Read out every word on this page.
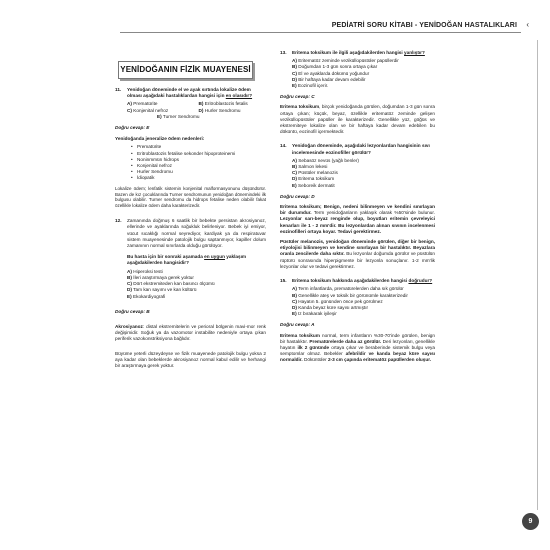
PEDİATRİ SORU KİTABI - YENİDOĞAN HASTALIKLARI ‹
YENİDOĞANIN FİZİK MUAYENESİ
11.	Yenidoğan döneminde el ve ayak sırtında lokalize ödem olması aşağıdaki hastalıklardan hangisi için en olasıdır?
A) Prematürite	B) Eritroblastozis fetalis
C) Konjenital nefroz	D) Hurler Sendromu
E) Turner Sendromu
Doğru cevap: E
Yenidoğanda jeneralize ödem nedenleri:
• Prematürite
• Eritroblastozis fetalise sekonder hipoproteinemi
• Noninmmün hidrops
• Konjenital nefroz
• Hurler Sendromu
• İdiopatik
Lokalize ödem; lenfatik sistemin konjenital malformasyonunu düşündürür. Bazen de kız çocuklarında Turner sendromunun yenidoğan dönemindeki ilk bulgusu olabilir. Turner sendromu da hidrops fetalise neden olabilir fakat özellikle lokalize ödem daha karakterizedir.
12.	Zamanında doğmuş 6 saatlik bir bebekte persistan akrosiyanoz, ellerinde ve ayaklarında soğukluk belirleniyor. Bebek iyi emiyor, vücut sıcaklığı normal seyrediyor, kardiyak ya da respiratuvar sistem muayenesinde patolojik bulgu saptanmıyor, kapiller dolum zamanının normal sınırlarda olduğu görülüyor.
Bu hasta için bir sonraki aşamada en uygun yaklaşım aşağıdakilerden hangisidir?
A) Hiperoksi testi
B) İleri araştırmaya gerek yoktur
C) Dört ekstremiteden kan basıncı ölçümü
D) Tam kan sayımı ve kan kültürü
E) Ekokardiyografi
Doğru cevap: B
Akrosiyanoz: distal ekstremitelerin ve perioral bölgenin mavi-mor renk değişimidir. Soğuk ya da vazomotor instabilite nedeniyle ortaya çıkan periferik vazokonstriksiyona bağlıdır.
Büyüme yeterli düzeydeyse ve fizik muayenede patolojik bulgu yoksa 2 aya kadar olan bebeklerde akrosiyanoz normal kabul edilir ve herhangi bir araştırmaya gerek yoktur.
13.	Eritema toksikum ile ilgili aşağıdakilerden hangisi yanlıştır?
A) Eritematöz zeminde veziküllopüstüler papüllerdir
B) Doğumdan 1-3 gün sonra ortaya çıkar
C) El ve ayaklarda dökümü yoğundur
D) Bir haftaya kadar devam edebilir
E) Eozinofil içerir.
Doğru cevap: C
Eritema toksikum, birçok yenidoğanda görülen, doğumdan 1-3 gün sonra ortaya çıkan; küçük, beyaz, özellikle eritematöz zeminde gelişen veziküllopüstüler papüller ile karakterizedir. Genellikle yüz, göğüs ve ekstremiteye lokalize olan ve bir haftaya kadar devam edebilen bu döküntü, eozinofil içermektedir.
14.	Yenidoğan döneminde, aşağıdaki lezyonlardan hangisinin sıvı incelemesinde eozinofiller görülür?
A) Sebasöz nevüs (yağlı benler)
B) Salmon lekesi
C) Püstüler melanozis
D) Eritema toksikum
E) Seboreik dermatit
Doğru cevap: D
Eritema toksikum; Benign, nedeni bilinmeyen ve kendini sınırlayan bir durumdur. Term yenidoğanların yaklaşık olarak %50'sinde bulunur. Lezyonlar sarı-beyaz renginde olup, boyutları eritemin çevreleyici kenarları ile 1 - 2 mm'dir. Bu lezyonlardan alınan sıvının incelenmesi eozinofilleri ortaya koyar. Tedavi gerektirmez.
Püstüler melanozis, yenidoğan döneminde görülen, diğer bir benign, etiyolojisi bilinmeyen ve kendine sınırlayan bir hastalıktır. Beyazlara oranla zencilerde daha sıktır. Bu lezyonlar doğumda görülür ve püstülün rüptürü sonrasında hiperpigmente bir lezyonla sonuçlanır. 1-2 mm'lik lezyonlar olur ve tedavi gerektirmez.
15.	Eritema toksikum hakkında aşağıdakilerden hangisi doğrudur?
A) Term infantlarda, prematürelerden daha sık görülür
B) Genellikle ateş ve toksik bir görünümle karakterizedir
C) Hayatın 5. gününden önce pek görülmez
D) Kanda beyaz küre sayısı artmıştır
E) Iz bırakarak iyileşir
Doğru cevap: A
Eritema toksikum normal, term infantların %30-70'inde görülen, benign bir hastalıktır. Prematürelerde daha az görülür. Deri lezyonları, genellikle hayatın ilk 2 gününde ortaya çıkar ve beraberinde sistemik bulgu veya semptomlar olmaz. Bebekler afebrildir ve kanda beyaz küre sayısı normaldir. Döküntüler 2-3 cm çapında eritematöz papüllerden oluşur.
9
